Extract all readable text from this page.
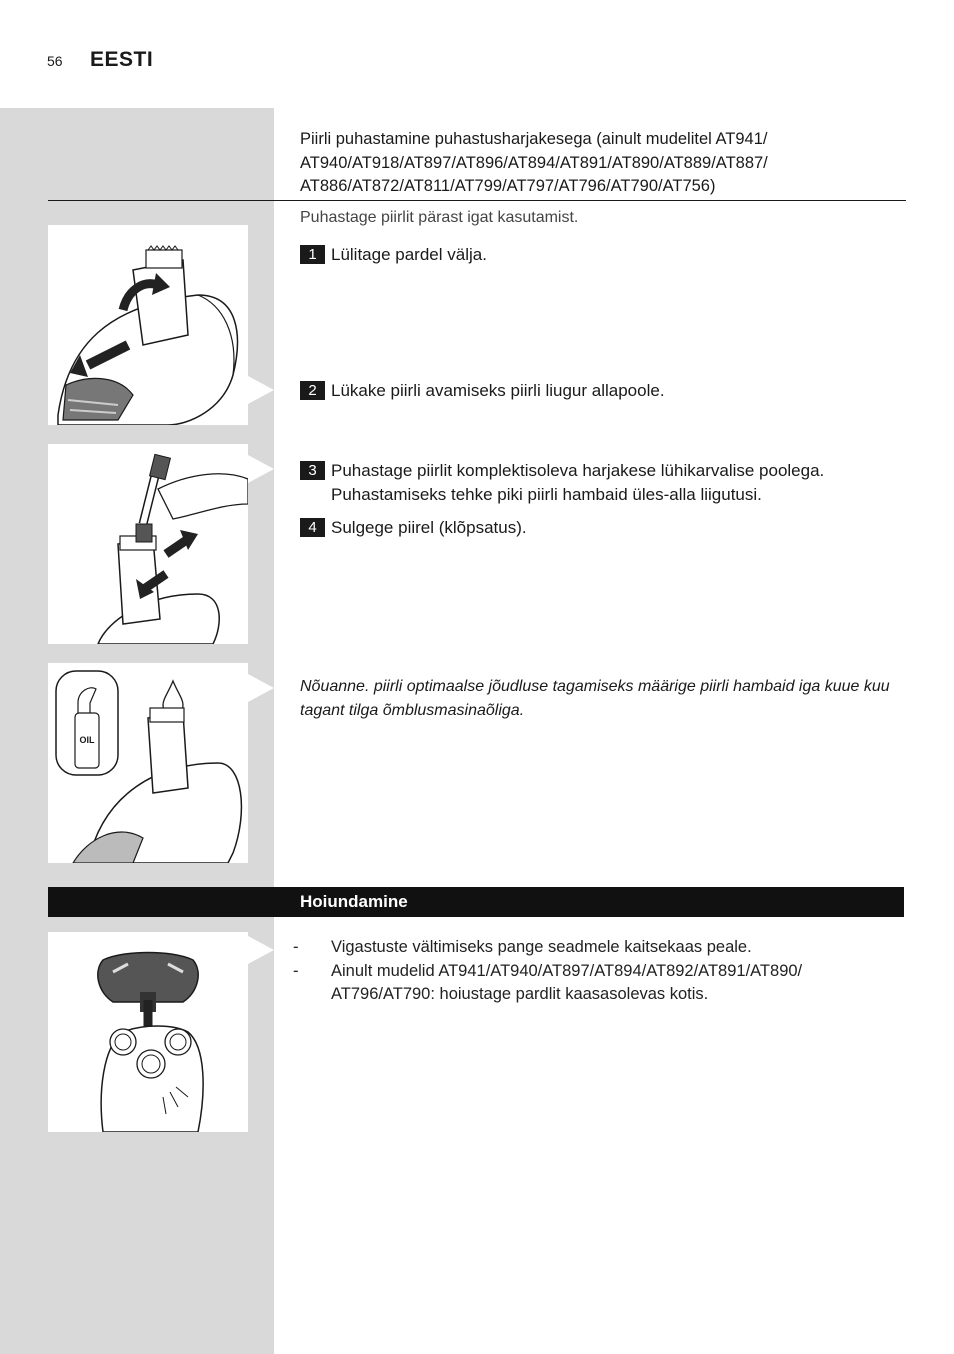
56 EESTI
Piirli puhastamine puhastusharjakesega (ainult mudelitel AT941/ AT940/AT918/AT897/AT896/AT894/AT891/AT890/AT889/AT887/ AT886/AT872/AT811/AT799/AT797/AT796/AT790/AT756)
Puhastage piirlit pärast igat kasutamist.
1 Lülitage pardel välja.
2 Lükake piirli avamiseks piirli liugur allapoole.
3 Puhastage piirlit komplektisoleva harjakese lühikarvalise poolega. Puhastamiseks tehke piki piirli hambaid üles-alla liigutusi.
4 Sulgege piirel (klõpsatus).
Nõuanne. piirli optimaalse jõudluse tagamiseks määrige piirli hambaid iga kuue kuu tagant tilga õmblusmasinaõliga.
Hoiundamine
-	Vigastuste vältimiseks pange seadmele kaitsekaas peale.
-	Ainult mudelid AT941/AT940/AT897/AT894/AT892/AT891/AT890/ AT796/AT790: hoiustage pardlit kaasasolevas kotis.
OIL
